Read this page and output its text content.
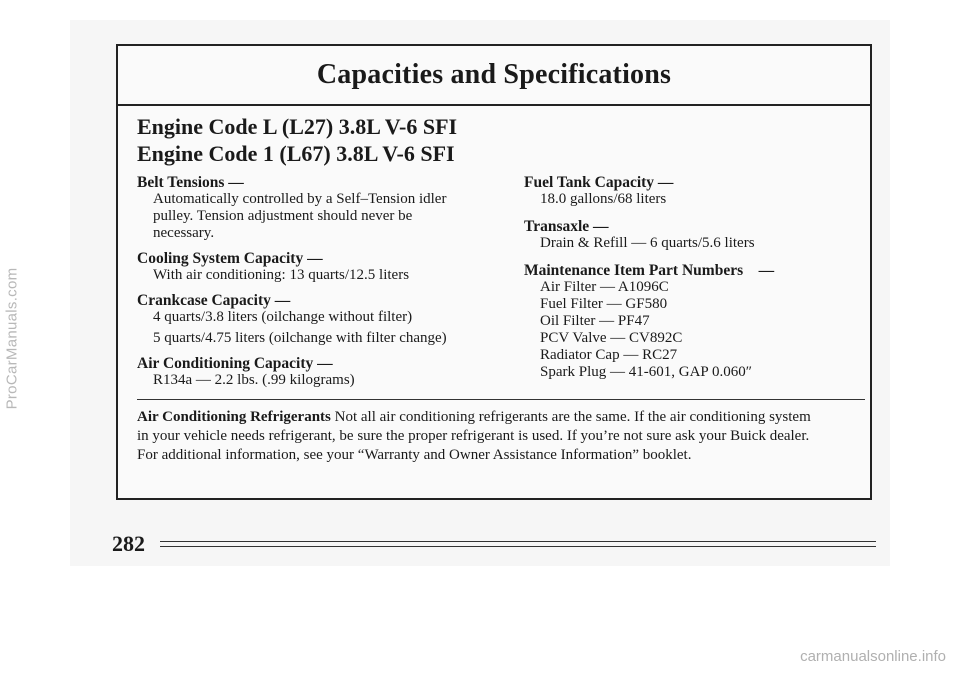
ProCarManuals.com
Capacities and Specifications
Engine Code L (L27) 3.8L V-6 SFI
Engine Code 1 (L67) 3.8L V-6 SFI
Belt Tensions —
Automatically controlled by a Self–Tension idler
pulley. Tension adjustment should never be
necessary.
Cooling System Capacity —
With air conditioning: 13 quarts/12.5 liters
Crankcase Capacity —
4 quarts/3.8 liters (oilchange without filter)
5 quarts/4.75 liters (oilchange with filter change)
Air Conditioning Capacity —
R134a — 2.2 lbs. (.99 kilograms)
Fuel Tank Capacity —
18.0 gallons/68 liters
Transaxle —
Drain & Refill — 6 quarts/5.6 liters
Maintenance Item Part Numbers    —
Air Filter — A1096C
Fuel Filter — GF580
Oil Filter — PF47
PCV Valve — CV892C
Radiator Cap — RC27
Spark Plug — 41-601, GAP 0.060″
Air Conditioning Refrigerants Not all air conditioning refrigerants are the same. If the air conditioning system
in your vehicle needs refrigerant, be sure the proper refrigerant is used. If you’re not sure ask your Buick dealer.
For additional information, see your “Warranty and Owner Assistance Information” booklet.
282
carmanualsonline.info
